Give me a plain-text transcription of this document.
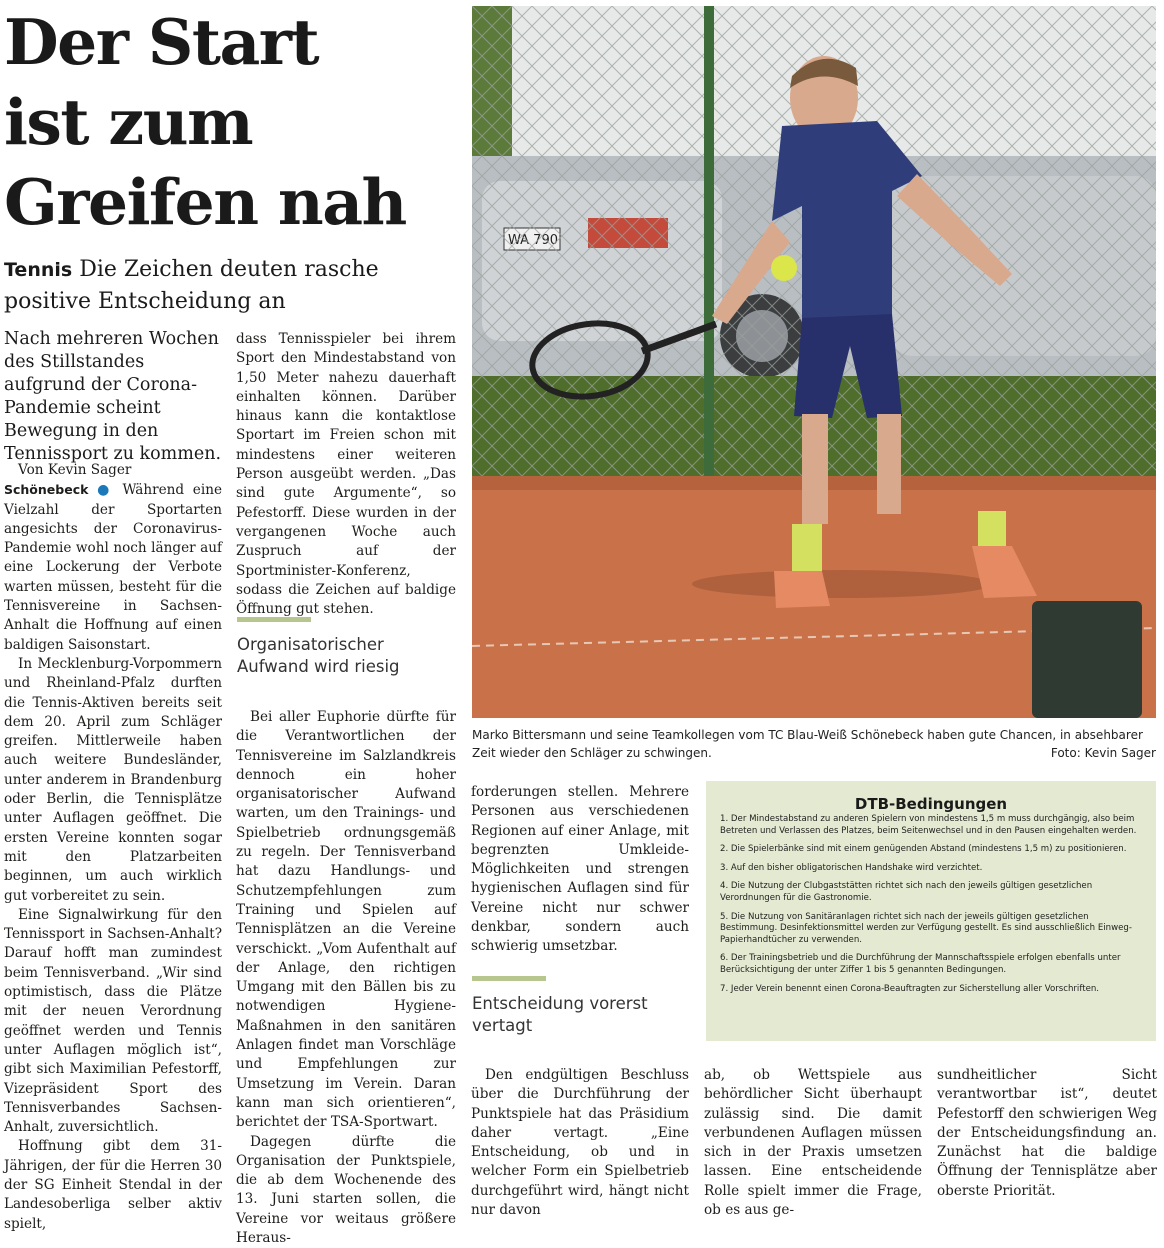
Der Start
ist zum
Greifen nah
Tennis Die Zeichen deuten rasche positive Entscheidung an
Nach mehreren Wochen des Stillstandes aufgrund der Corona-Pandemie scheint Bewegung in den Tennissport zu kommen.

Von Kevin Sager

Schönebeck ● Während eine Vielzahl der Sportarten angesichts der Coronavirus-Pandemie wohl noch länger auf eine Lockerung der Verbote warten müssen, besteht für die Tennisvereine in Sachsen-Anhalt die Hoffnung auf einen baldigen Saisonstart.

In Mecklenburg-Vorpommern und Rheinland-Pfalz durften die Tennis-Aktiven bereits seit dem 20. April zum Schläger greifen. Mittlerweile haben auch weitere Bundesländer, unter anderem in Brandenburg oder Berlin, die Tennisplätze unter Auflagen geöffnet. Die ersten Vereine konnten sogar mit den Platzarbeiten beginnen, um auch wirklich gut vorbereitet zu sein.

Eine Signalwirkung für den Tennissport in Sachsen-Anhalt? Darauf hofft man zumindest beim Tennisverband. „Wir sind optimistisch, dass die Plätze mit der neuen Verordnung geöffnet werden und Tennis unter Auflagen möglich ist“, gibt sich Maximilian Pefestorff, Vizepräsident Sport des Tennisverbandes Sachsen-Anhalt, zuversichtlich.

Hoffnung gibt dem 31-Jährigen, der für die Herren 30 der SG Einheit Stendal in der Landesoberliga selber aktiv spielt,

dass Tennisspieler bei ihrem Sport den Mindestabstand von 1,50 Meter nahezu dauerhaft einhalten können. Darüber hinaus kann die kontaktlose Sportart im Freien schon mit mindestens einer weiteren Person ausgeübt werden. „Das sind gute Argumente“, so Pefestorff. Diese wurden in der vergangenen Woche auch Zuspruch auf der Sportminister-Konferenz, sodass die Zeichen auf baldige Öffnung gut stehen.

Organisatorischer Aufwand wird riesig

Bei aller Euphorie dürfte für die Verantwortlichen der Tennisvereine im Salzlandkreis dennoch ein hoher organisatorischer Aufwand warten, um den Trainings- und Spielbetrieb ordnungsgemäß zu regeln. Der Tennisverband hat dazu Handlungs- und Schutzempfehlungen zum Training und Spielen auf Tennisplätzen an die Vereine verschickt. „Vom Aufenthalt auf der Anlage, den richtigen Umgang mit den Bällen bis zu notwendigen Hygiene-Maßnahmen in den sanitären Anlagen findet man Vorschläge und Empfehlungen zur Umsetzung im Verein. Daran kann man sich orientieren“, berichtet der TSA-Sportwart.

Dagegen dürfte die Organisation der Punktspiele, die ab dem Wochenende des 13. Juni starten sollen, die Vereine vor weitaus größere Heraus-

forderungen stellen. Mehrere Personen aus verschiedenen Regionen auf einer Anlage, mit begrenzten Umkleide-Möglichkeiten und strengen hygienischen Auflagen sind für Vereine nicht nur schwer denkbar, sondern auch schwierig umsetzbar.

Entscheidung vorerst vertagt

Den endgültigen Beschluss über die Durchführung der Punktspiele hat das Präsidium daher vertagt. „Eine Entscheidung, ob und in welcher Form ein Spielbetrieb durchgeführt wird, hängt nicht nur davon

ab, ob Wettspiele aus behördlicher Sicht überhaupt zulässig sind. Die damit verbundenen Auflagen müssen sich in der Praxis umsetzen lassen. Eine entscheidende Rolle spielt immer die Frage, ob es aus ge-

sundheitlicher Sicht verantwortbar ist“, deutet Pefestorff den schwierigen Weg der Entscheidungsfindung an. Zunächst hat die baldige Öffnung der Tennisplätze aber oberste Priorität.

Marko Bittersmann und seine Teamkollegen vom TC Blau-Weiß Schönebeck haben gute Chancen, in absehbarer Zeit wieder den Schläger zu schwingen.	Foto: Kevin Sager
DTB-Bedingungen
1. Der Mindestabstand zu anderen Spielern von mindestens 1,5 m muss durchgängig, also beim Betreten und Verlassen des Platzes, beim Seitenwechsel und in den Pausen eingehalten werden.
2. Die Spielerbänke sind mit einem genügenden Abstand (mindestens 1,5 m) zu positionieren.
3. Auf den bisher obligatorischen Handshake wird verzichtet.
4. Die Nutzung der Clubgaststätten richtet sich nach den jeweils gültigen gesetzlichen Verordnungen für die Gastronomie.
5. Die Nutzung von Sanitäranlagen richtet sich nach der jeweils gültigen gesetzlichen Bestimmung. Desinfektionsmittel werden zur Verfügung gestellt. Es sind ausschließlich Einweg-Papierhandtücher zu verwenden.
6. Der Trainingsbetrieb und die Durchführung der Mannschaftsspiele erfolgen ebenfalls unter Berücksichtigung der unter Ziffer 1 bis 5 genannten Bedingungen.
7. Jeder Verein benennt einen Corona-Beauftragten zur Sicherstellung aller Vorschriften.
